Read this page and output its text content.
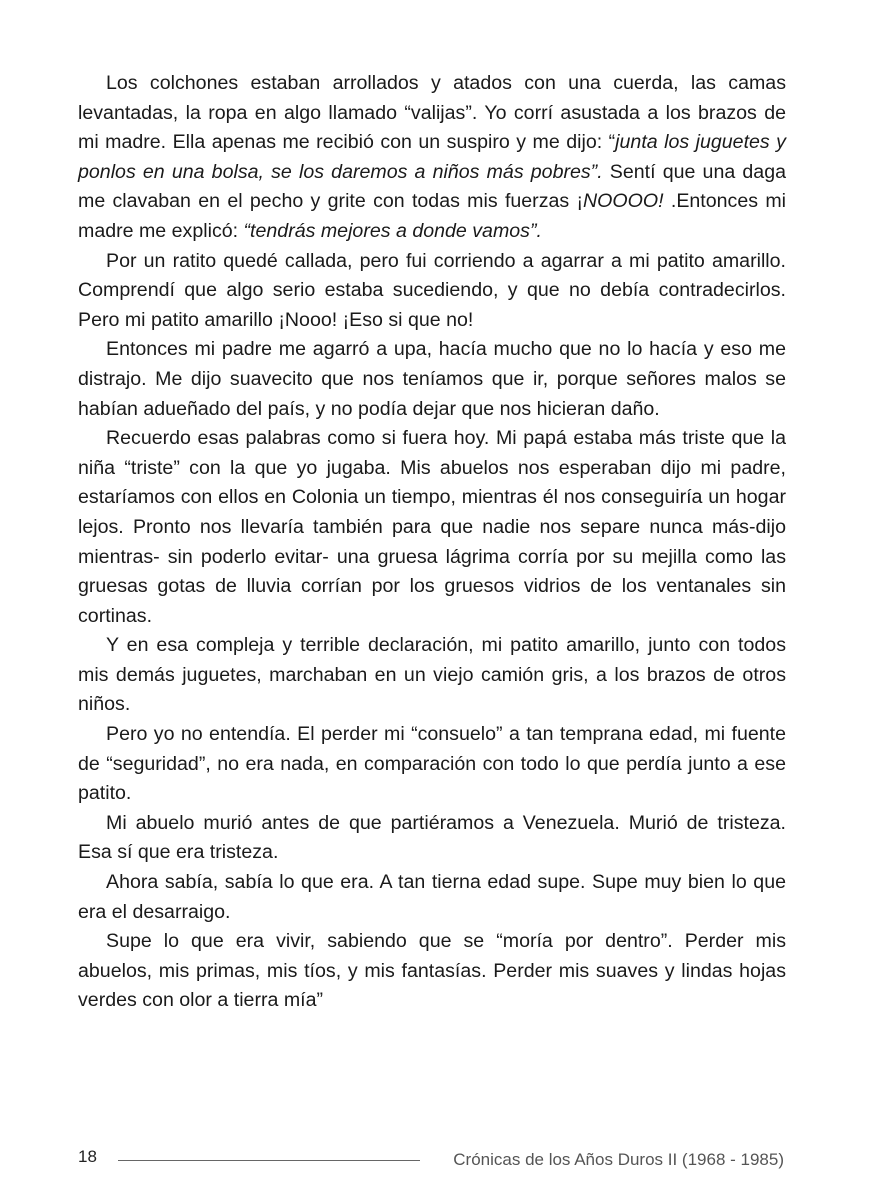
Los colchones estaban arrollados y atados con una cuerda, las camas levantadas, la ropa en algo llamado “valijas”. Yo corrí asustada a los brazos de mi madre. Ella apenas me recibió con un suspiro y me dijo: “junta los juguetes y ponlos en una bolsa, se los daremos a niños más pobres”. Sentí que una daga me clavaban en el pecho y grite con todas mis fuerzas ¡NOOOO! .Entonces mi madre me explicó: “tendrás mejores a donde vamos”.

Por un ratito quedé callada, pero fui corriendo a agarrar a mi patito amarillo. Comprendí que algo serio estaba sucediendo, y que no debía contradecirlos. Pero mi patito amarillo ¡Nooo! ¡Eso si que no!

Entonces mi padre me agarró a upa, hacía mucho que no lo hacía y eso me distrajo. Me dijo suavecito que nos teníamos que ir, porque señores malos se habían adueñado del país, y no podía dejar que nos hicieran daño.

Recuerdo esas palabras como si fuera hoy. Mi papá estaba más triste que la niña “triste” con la que yo jugaba. Mis abuelos nos esperaban dijo mi padre, estaríamos con ellos en Colonia un tiempo, mientras él nos conseguiría un hogar lejos. Pronto nos llevaría también para que nadie nos separe nunca más-dijo mientras- sin poderlo evitar- una gruesa lágrima corría por su mejilla como las gruesas gotas de lluvia corrían por los gruesos vidrios de los ventanales sin cortinas.

Y en esa compleja y terrible declaración, mi patito amarillo, junto con todos mis demás juguetes, marchaban en un viejo camión gris, a los brazos de otros niños.

Pero yo no entendía. El perder mi “consuelo” a tan temprana edad, mi fuente de “seguridad”, no era nada, en comparación con todo lo que perdía junto a ese patito.

Mi abuelo murió antes de que partiéramos a Venezuela. Murió de tristeza. Esa sí que era tristeza.

Ahora sabía, sabía lo que era. A tan tierna edad supe. Supe muy bien lo que era el desarraigo.

Supe lo que era vivir, sabiendo que se “moría por dentro”. Perder mis abuelos, mis primas, mis tíos, y mis fantasías. Perder mis suaves y lindas hojas verdes con olor a tierra mía”

18	Crónicas de los Años Duros II (1968 - 1985)
